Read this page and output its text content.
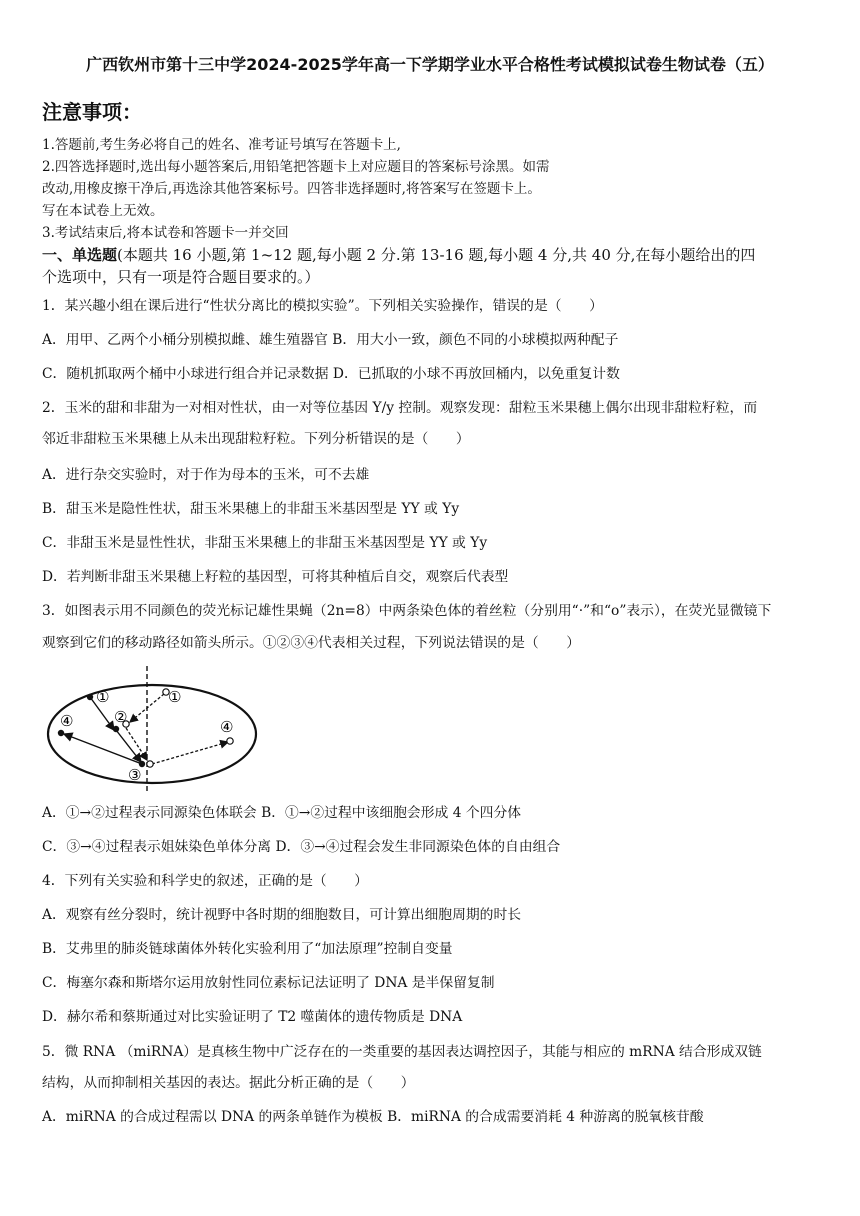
广西钦州市第十三中学2024-2025学年高一下学期学业水平合格性考试模拟试卷生物试卷（五）
注意事项：
1.答题前,考生务必将自己的姓名、准考证号填写在答题卡上,
2.四答选择题时,选出每小题答案后,用铅笔把答题卡上对应题目的答案标号涂黑。如需
改动,用橡皮擦干净后,再选涂其他答案标号。四答非选择题时,将答案写在签题卡上。
写在本试卷上无效。
3.考试结束后,将本试卷和答题卡一并交回
一、单选题(本题共 16 小题,第 1~12 题,每小题 2 分.第 13-16 题,每小题 4 分,共 40 分,在每小题给出的四
个选项中，只有一项是符合题目要求的。）
1．某兴趣小组在课后进行“性状分离比的模拟实验”。下列相关实验操作，错误的是（　　）
A．用甲、乙两个小桶分别模拟雌、雄生殖器官 B．用大小一致，颜色不同的小球模拟两种配子
C．随机抓取两个桶中小球进行组合并记录数据 D．已抓取的小球不再放回桶内，以免重复计数
2．玉米的甜和非甜为一对相对性状，由一对等位基因 Y/y 控制。观察发现：甜粒玉米果穗上偶尔出现非甜粒籽粒，而
邻近非甜粒玉米果穗上从未出现甜粒籽粒。下列分析错误的是（　　）
A．进行杂交实验时，对于作为母本的玉米，可不去雄
B．甜玉米是隐性性状，甜玉米果穗上的非甜玉米基因型是 YY 或 Yy
C．非甜玉米是显性性状，非甜玉米果穗上的非甜玉米基因型是 YY 或 Yy
D．若判断非甜玉米果穗上籽粒的基因型，可将其种植后自交，观察后代表型
3．如图表示用不同颜色的荧光标记雄性果蝇（2n=8）中两条染色体的着丝粒（分别用“·”和“o”表示），在荧光显微镜下
观察到它们的移动路径如箭头所示。①②③④代表相关过程，下列说法错误的是（　　）
①	①
②
③
④	④
A．①→②过程表示同源染色体联会 B．①→②过程中该细胞会形成 4 个四分体
C．③→④过程表示姐妹染色单体分离 D．③→④过程会发生非同源染色体的自由组合
4．下列有关实验和科学史的叙述，正确的是（　　）
A．观察有丝分裂时，统计视野中各时期的细胞数目，可计算出细胞周期的时长
B．艾弗里的肺炎链球菌体外转化实验利用了“加法原理”控制自变量
C．梅塞尔森和斯塔尔运用放射性同位素标记法证明了 DNA 是半保留复制
D．赫尔希和蔡斯通过对比实验证明了 T2 噬菌体的遗传物质是 DNA
5．微 RNA （miRNA）是真核生物中广泛存在的一类重要的基因表达调控因子，其能与相应的 mRNA 结合形成双链
结构，从而抑制相关基因的表达。据此分析正确的是（　　）
A．miRNA 的合成过程需以 DNA 的两条单链作为模板 B．miRNA 的合成需要消耗 4 种游离的脱氧核苷酸
